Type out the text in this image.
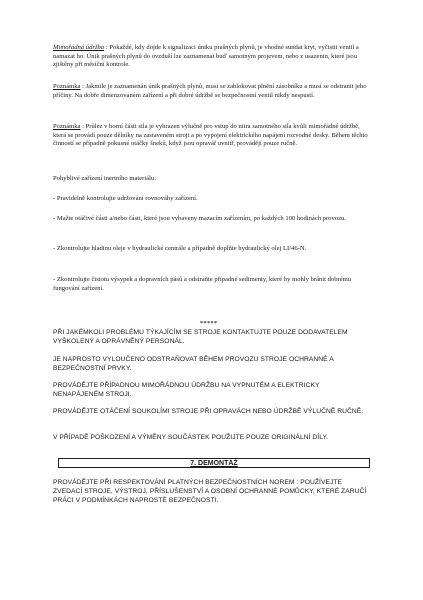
Mimořádná údržba : Pokaždé, kdy dojde k signalizaci úniku prašných plynů, je vhodné sundat kryt, vyčistit ventil a namazat ho. Únik prašných plynů do ovzduší lze zaznamenat buď samotným projevem, nebo z usazenin, které jsou zjištěny při měsíční kontrole.

Poznámka : Jakmile je zaznamenán únik prašných plynů, musí se zablokovat plnění zásobníku a musí se odstranit jeho příčiny. Na dobře dimenzovaném zařízení a při dobré údržbě se bezpečnostní ventil nikdy nespustí.

Poznámka : Průlez v horní části sila je vyhrazen výlučně pro vstup do nitra samotného sila kvůli mimořádné údržbě, která se provádí pouze dělníky na zastaveném stroji a po vypojení elektrického napájení rozvodné desky. Během těchto činností se případně pokusné otáčky šneků, když jsou opravář uvnitř, provádějí pouze ručně.

Pohyblivé zařízení inertního materiálu:

- Pravidelně kontrolujte udržování rovnováhy zařízení.

- Mažte otáčivé části a/nebo části, které jsou vybaveny mazacím zařízením, po každých 100 hodinách provozu.

- Zkontrolujte hladinu oleje v hydraulické centrále a případně doplňte hydraulický olej LI/46-N.

- Zkontrolujte čistotu výsypek a dopravních pásů a odstraňte případné sedimenty, které by mohly bránit dobrému fungování zařízení.

*****

PŘI JAKÉMKOLI PROBLÉMU TÝKAJÍCÍM SE STROJE KONTAKTUJTE POUZE DODAVATELEM VYŠKOLENÝ A OPRÁVNĚNÝ PERSONÁL.

JE NAPROSTO VYLOUČENO ODSTRAŇOVAT BĚHEM PROVOZU STROJE OCHRANNÉ A BEZPEČNOSTNÍ PRVKY.

PROVÁDĚJTE PŘÍPADNOU MIMOŘÁDNOU ÚDRŽBU NA VYPNUTÉM A ELEKTRICKY NENAPÁJENÉM STROJI.

PROVÁDĚJTE OTÁČENÍ SOUKOLÍMI STROJE PŘI OPRAVÁCH NEBO ÚDRŽBĚ VÝLUČNĚ RUČNĚ.

V PŘÍPADĚ POŠKOZENÍ A VÝMĚNY SOUČÁSTEK POUŽIJTE POUZE ORIGINÁLNÍ DÍLY.

7. DEMONTÁŽ

PROVÁDĚJTE PŘI RESPEKTOVÁNÍ PLATNÝCH BEZPEČNOSTNÍCH NOREM : POUŽÍVEJTE ZVEDACÍ STROJE, VÝSTROJ, PŘÍSLUŠENSTVÍ A OSOBNÍ OCHRANNÉ POMŮCKY, KTERÉ ZARUČÍ PRÁCI V PODMÍNKÁCH NAPROSTÉ BEZPEČNOSTI.
